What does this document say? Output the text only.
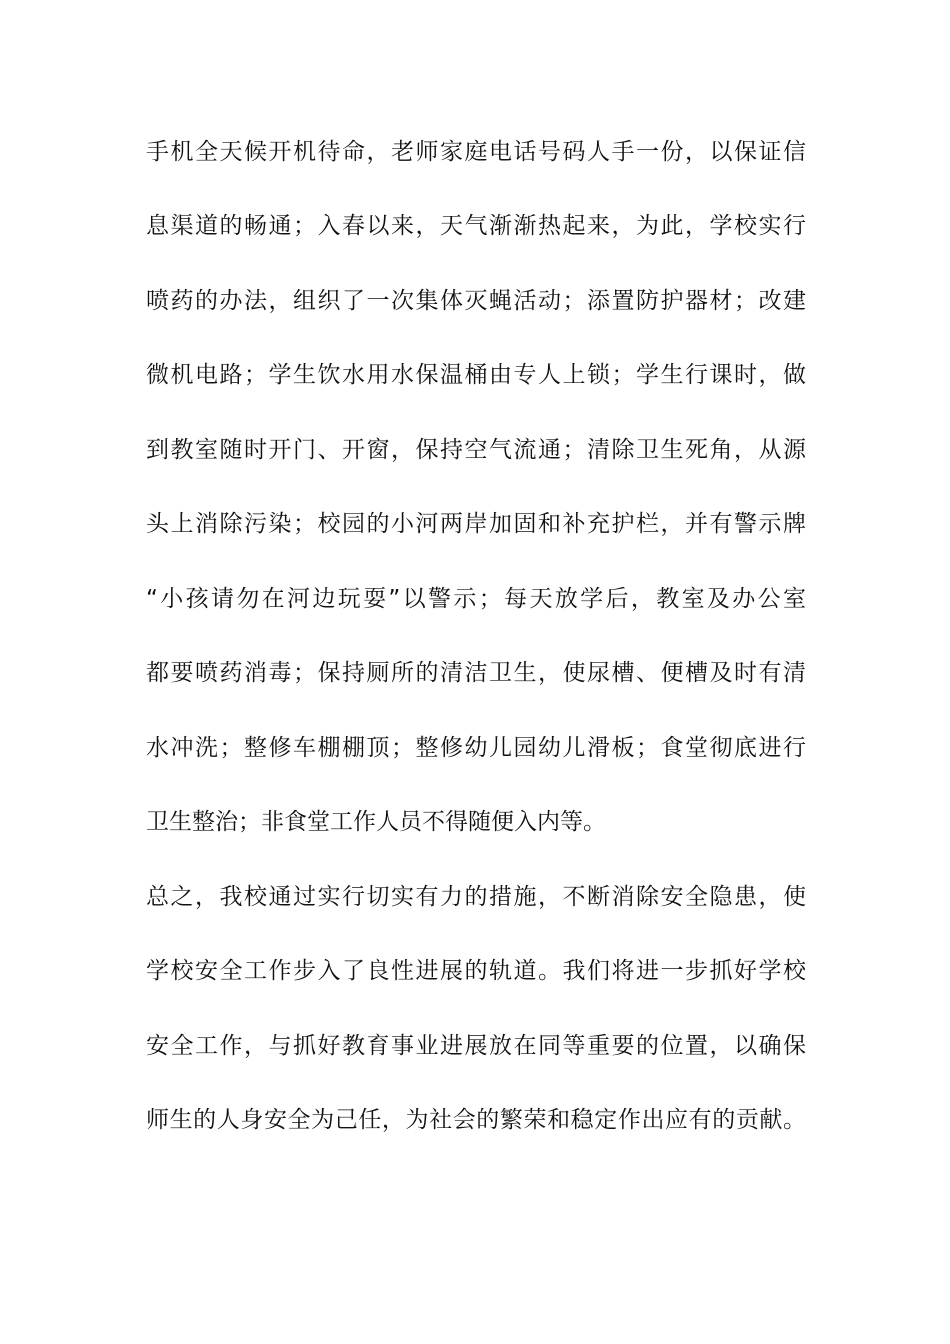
手机全天候开机待命，老师家庭电话号码人手一份，以保证信
息渠道的畅通；入春以来，天气渐渐热起来，为此，学校实行
喷药的办法，组织了一次集体灭蝇活动；添置防护器材；改建
微机电路；学生饮水用水保温桶由专人上锁；学生行课时，做
到教室随时开门、开窗，保持空气流通；清除卫生死角，从源
头上消除污染；校园的小河两岸加固和补充护栏，并有警示牌
“小孩请勿在河边玩耍”以警示；每天放学后，教室及办公室
都要喷药消毒；保持厕所的清洁卫生，使尿槽、便槽及时有清
水冲洗；整修车棚棚顶；整修幼儿园幼儿滑板；食堂彻底进行
卫生整治；非食堂工作人员不得随便入内等。
总之，我校通过实行切实有力的措施，不断消除安全隐患，使
学校安全工作步入了良性进展的轨道。我们将进一步抓好学校
安全工作，与抓好教育事业进展放在同等重要的位置，以确保
师生的人身安全为己任，为社会的繁荣和稳定作出应有的贡献。
